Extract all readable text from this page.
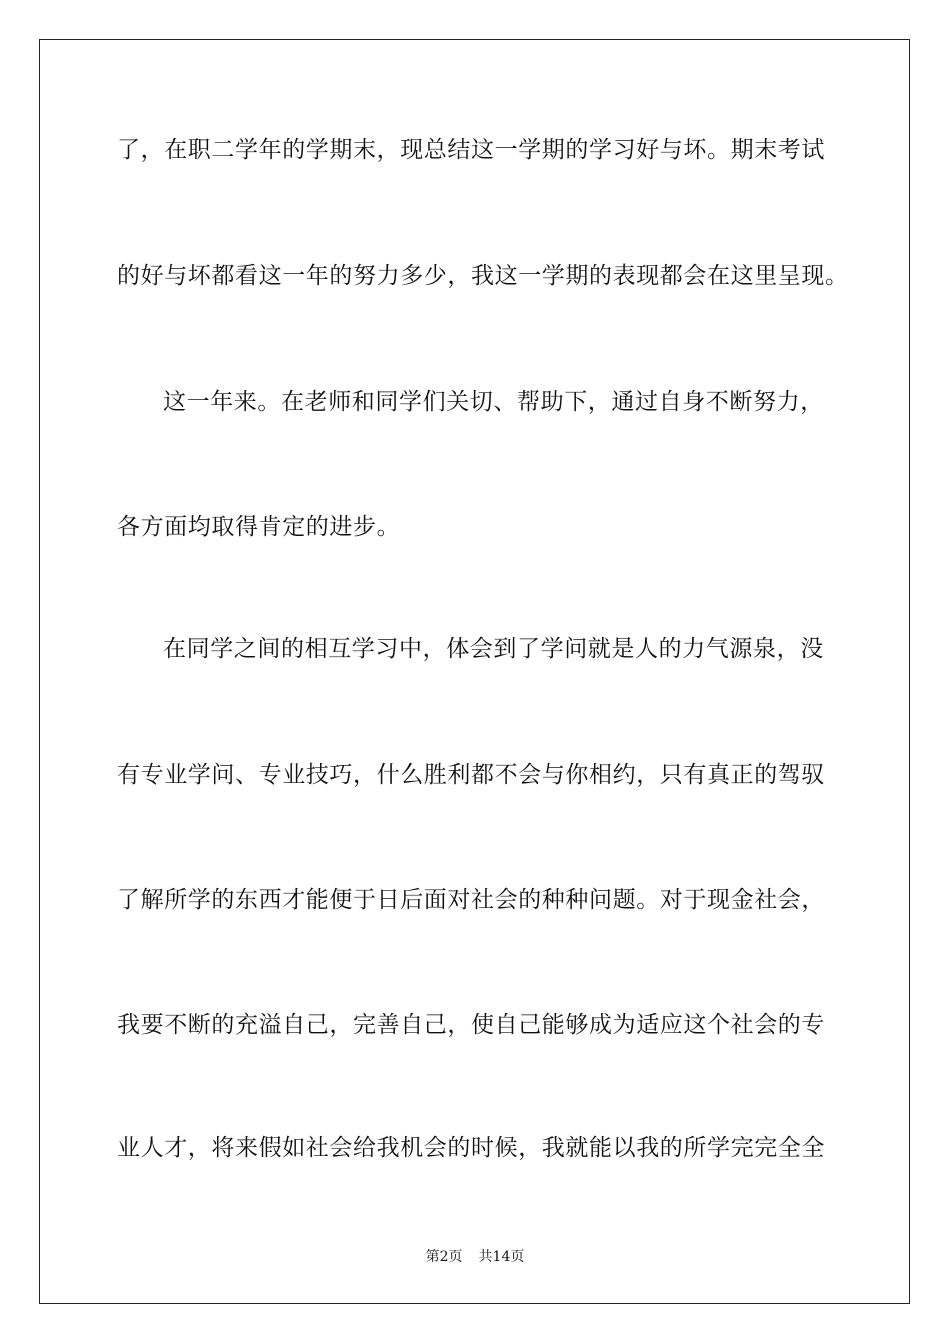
了，在职二学年的学期末，现总结这一学期的学习好与坏。期末考试
的好与坏都看这一年的努力多少，我这一学期的表现都会在这里呈现。
这一年来。在老师和同学们关切、帮助下，通过自身不断努力，
各方面均取得肯定的进步。
在同学之间的相互学习中，体会到了学问就是人的力气源泉，没
有专业学问、专业技巧，什么胜利都不会与你相约，只有真正的驾驭
了解所学的东西才能便于日后面对社会的种种问题。对于现金社会，
我要不断的充溢自己，完善自己，使自己能够成为适应这个社会的专
业人才，将来假如社会给我机会的时候，我就能以我的所学完完全全
第2页 共14页
